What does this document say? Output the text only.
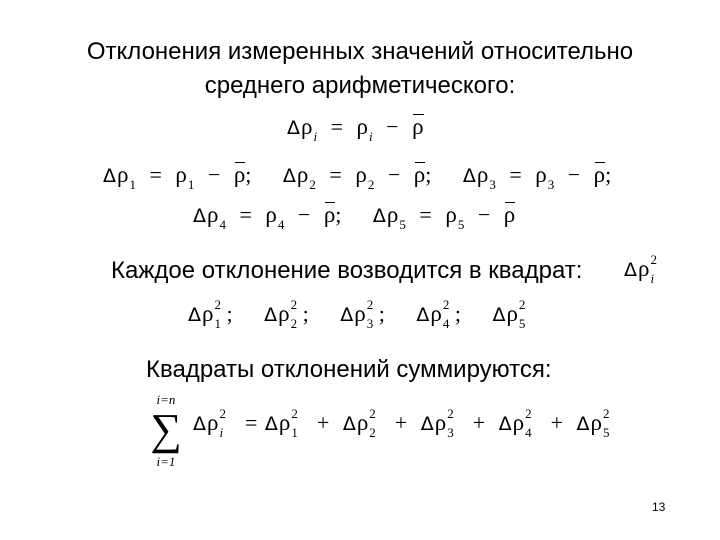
Отклонения измеренных значений относительно
среднего арифметического:
Δρi = ρi − ρ
Δρ1 = ρ1 − ρ; Δρ2 = ρ2 − ρ; Δρ3 = ρ3 − ρ;
Δρ4 = ρ4 − ρ; Δρ5 = ρ5 − ρ
Каждое отклонение возводится в квадрат: Δρ 2
i
Δρ 2
1 ; Δρ 2
2 ; Δρ 2
3 ; Δρ 2
4 ; Δρ 2
5
Квадраты отклонений суммируются:
i=n
∑
i=1
Δρ 2
i = Δρ 2
1 + Δρ 2
2 + Δρ 2
3 + Δρ 2
4 + Δρ 2
5
13
